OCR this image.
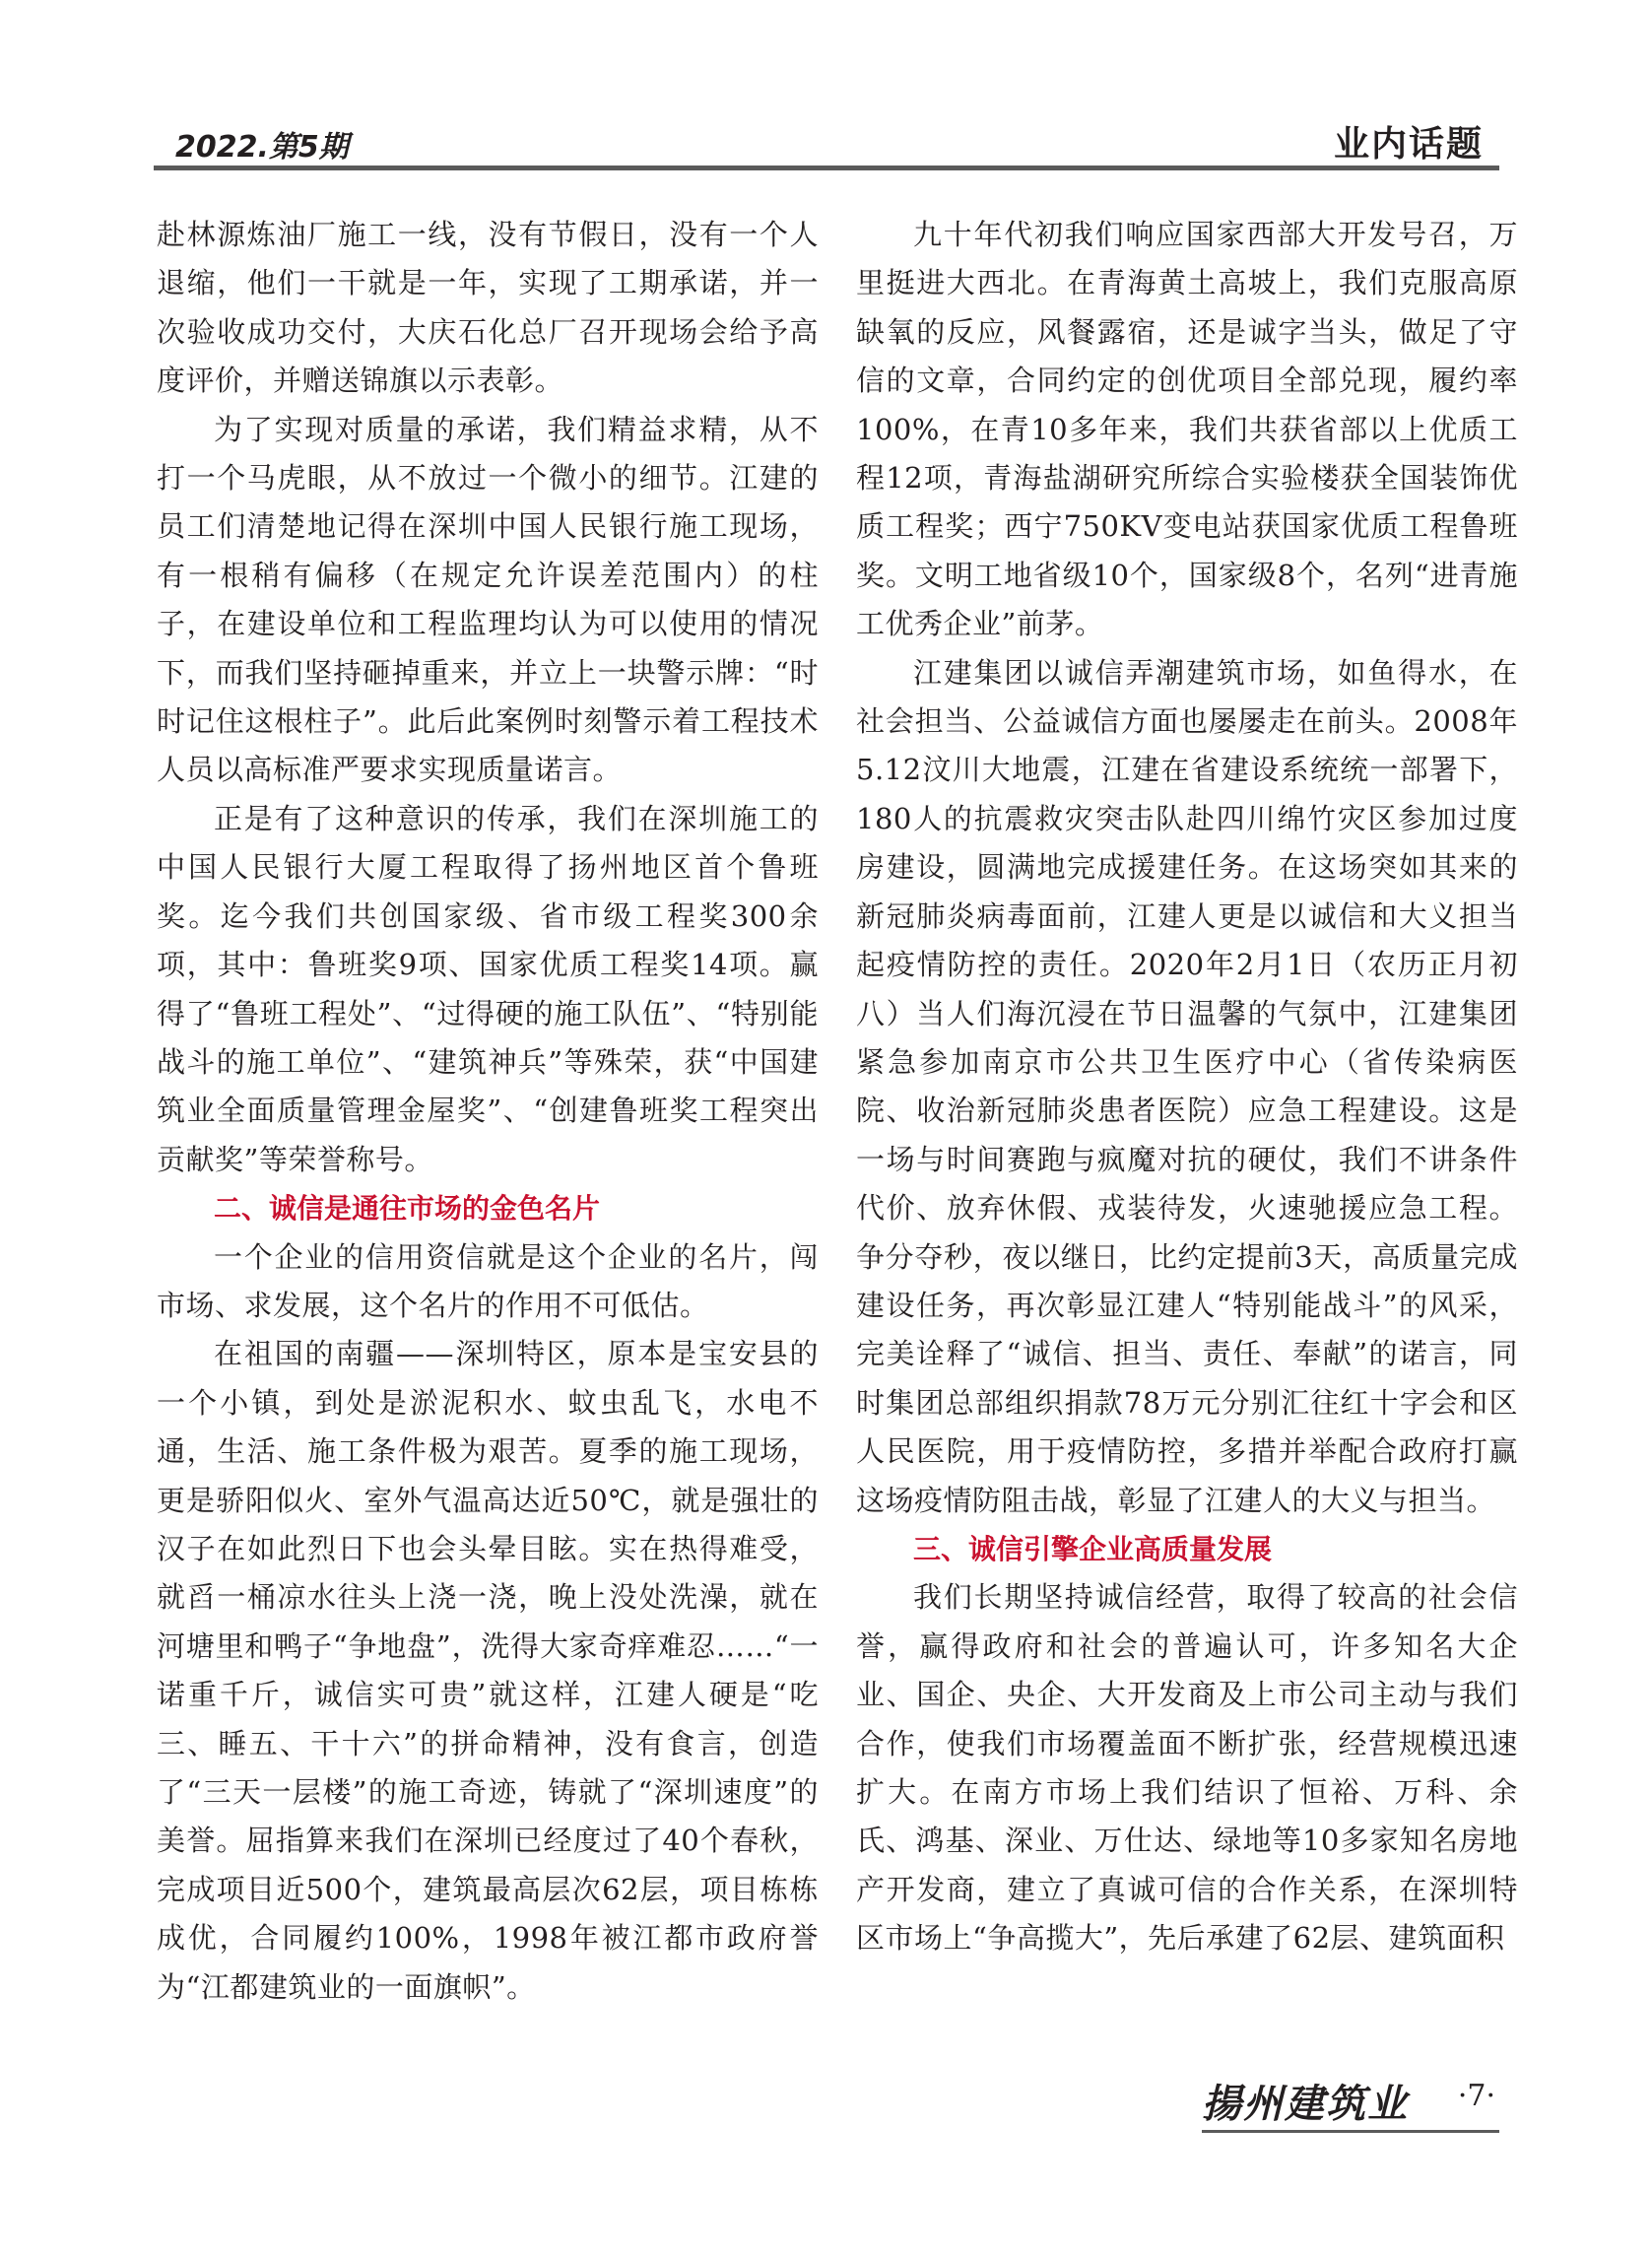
2022.第5期	业内话题

赴林源炼油厂施工一线，没有节假日，没有一个人退缩，他们一干就是一年，实现了工期承诺，并一次验收成功交付，大庆石化总厂召开现场会给予高度评价，并赠送锦旗以示表彰。

为了实现对质量的承诺，我们精益求精，从不打一个马虎眼，从不放过一个微小的细节。江建的员工们清楚地记得在深圳中国人民银行施工现场，有一根稍有偏移（在规定允许误差范围内）的柱子，在建设单位和工程监理均认为可以使用的情况下，而我们坚持砸掉重来，并立上一块警示牌：“时时记住这根柱子”。此后此案例时刻警示着工程技术人员以高标准严要求实现质量诺言。

正是有了这种意识的传承，我们在深圳施工的中国人民银行大厦工程取得了扬州地区首个鲁班奖。迄今我们共创国家级、省市级工程奖300余项，其中：鲁班奖9项、国家优质工程奖14项。赢得了“鲁班工程处”、“过得硬的施工队伍”、“特别能战斗的施工单位”、“建筑神兵”等殊荣，获“中国建筑业全面质量管理金屋奖”、“创建鲁班奖工程突出贡献奖”等荣誉称号。

二、诚信是通往市场的金色名片

一个企业的信用资信就是这个企业的名片，闯市场、求发展，这个名片的作用不可低估。

在祖国的南疆——深圳特区，原本是宝安县的一个小镇，到处是淤泥积水、蚊虫乱飞，水电不通，生活、施工条件极为艰苦。夏季的施工现场，更是骄阳似火、室外气温高达近50℃，就是强壮的汉子在如此烈日下也会头晕目眩。实在热得难受，就舀一桶凉水往头上浇一浇，晚上没处洗澡，就在河塘里和鸭子“争地盘”，洗得大家奇痒难忍……“一诺重千斤，诚信实可贵”就这样，江建人硬是“吃三、睡五、干十六”的拼命精神，没有食言，创造了“三天一层楼”的施工奇迹，铸就了“深圳速度”的美誉。屈指算来我们在深圳已经度过了40个春秋，完成项目近500个，建筑最高层次62层，项目栋栋成优，合同履约100%，1998年被江都市政府誉为“江都建筑业的一面旗帜”。

九十年代初我们响应国家西部大开发号召，万里挺进大西北。在青海黄土高坡上，我们克服高原缺氧的反应，风餐露宿，还是诚字当头，做足了守信的文章，合同约定的创优项目全部兑现，履约率100%，在青10多年来，我们共获省部以上优质工程12项，青海盐湖研究所综合实验楼获全国装饰优质工程奖；西宁750KV变电站获国家优质工程鲁班奖。文明工地省级10个，国家级8个，名列“进青施工优秀企业”前茅。

江建集团以诚信弄潮建筑市场，如鱼得水，在社会担当、公益诚信方面也屡屡走在前头。2008年5.12汶川大地震，江建在省建设系统统一部署下，180人的抗震救灾突击队赴四川绵竹灾区参加过度房建设，圆满地完成援建任务。在这场突如其来的新冠肺炎病毒面前，江建人更是以诚信和大义担当起疫情防控的责任。2020年2月1日（农历正月初八）当人们海沉浸在节日温馨的气氛中，江建集团紧急参加南京市公共卫生医疗中心（省传染病医院、收治新冠肺炎患者医院）应急工程建设。这是一场与时间赛跑与疯魔对抗的硬仗，我们不讲条件代价、放弃休假、戎装待发，火速驰援应急工程。争分夺秒，夜以继日，比约定提前3天，高质量完成建设任务，再次彰显江建人“特别能战斗”的风采，完美诠释了“诚信、担当、责任、奉献”的诺言，同时集团总部组织捐款78万元分别汇往红十字会和区人民医院，用于疫情防控，多措并举配合政府打赢这场疫情防阻击战，彰显了江建人的大义与担当。

三、诚信引擎企业高质量发展

我们长期坚持诚信经营，取得了较高的社会信誉，赢得政府和社会的普遍认可，许多知名大企业、国企、央企、大开发商及上市公司主动与我们合作，使我们市场覆盖面不断扩张，经营规模迅速扩大。在南方市场上我们结识了恒裕、万科、余氏、鸿基、深业、万仕达、绿地等10多家知名房地产开发商，建立了真诚可信的合作关系，在深圳特区市场上“争高揽大”，先后承建了62层、建筑面积

揚州建筑业 ·7·
